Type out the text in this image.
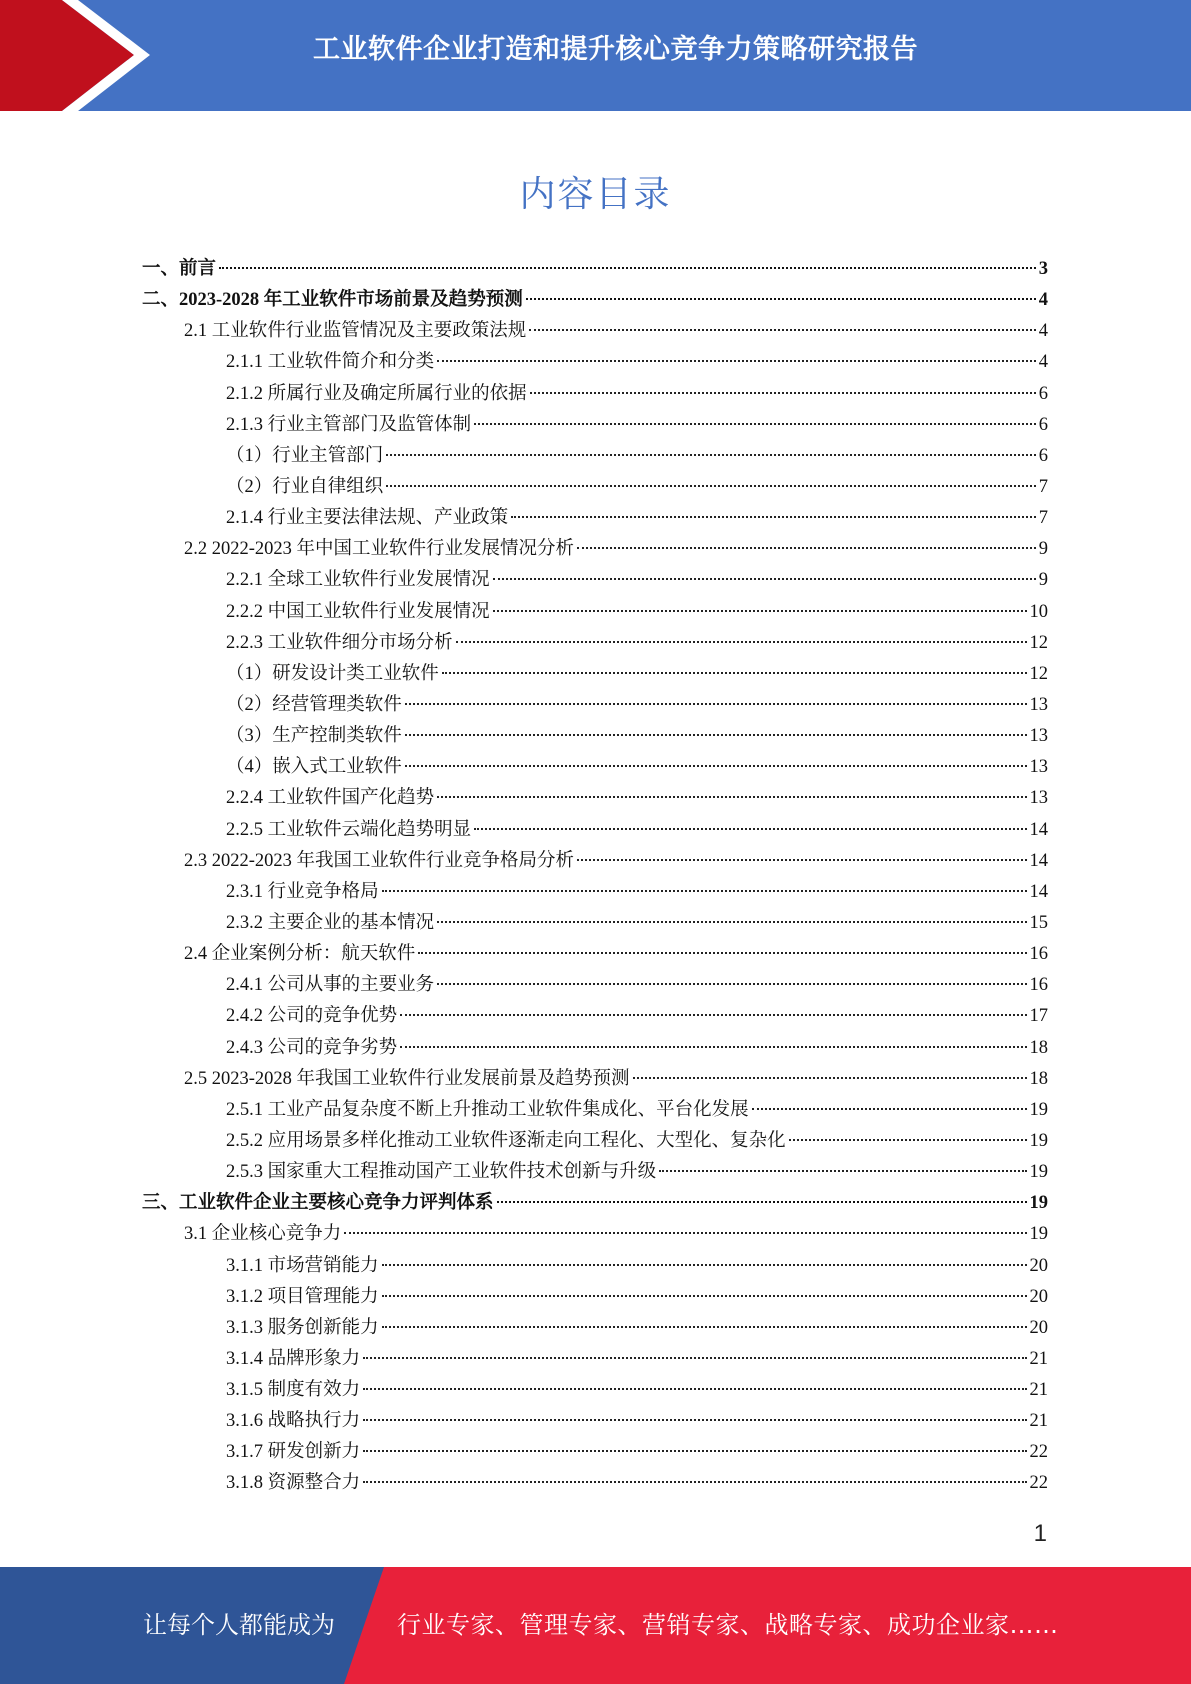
工业软件企业打造和提升核心竞争力策略研究报告
内容目录
一、前言	3
二、2023-2028 年工业软件市场前景及趋势预测	4
2.1 工业软件行业监管情况及主要政策法规	4
2.1.1 工业软件简介和分类	4
2.1.2 所属行业及确定所属行业的依据	6
2.1.3 行业主管部门及监管体制	6
（1）行业主管部门	6
（2）行业自律组织	7
2.1.4 行业主要法律法规、产业政策	7
2.2 2022-2023 年中国工业软件行业发展情况分析	9
2.2.1 全球工业软件行业发展情况	9
2.2.2 中国工业软件行业发展情况	10
2.2.3 工业软件细分市场分析	12
（1）研发设计类工业软件	12
（2）经营管理类软件	13
（3）生产控制类软件	13
（4）嵌入式工业软件	13
2.2.4 工业软件国产化趋势	13
2.2.5 工业软件云端化趋势明显	14
2.3 2022-2023 年我国工业软件行业竞争格局分析	14
2.3.1 行业竞争格局	14
2.3.2 主要企业的基本情况	15
2.4 企业案例分析：航天软件	16
2.4.1 公司从事的主要业务	16
2.4.2 公司的竞争优势	17
2.4.3 公司的竞争劣势	18
2.5 2023-2028 年我国工业软件行业发展前景及趋势预测	18
2.5.1 工业产品复杂度不断上升推动工业软件集成化、平台化发展	19
2.5.2 应用场景多样化推动工业软件逐渐走向工程化、大型化、复杂化	19
2.5.3 国家重大工程推动国产工业软件技术创新与升级	19
三、工业软件企业主要核心竞争力评判体系	19
3.1 企业核心竞争力	19
3.1.1 市场营销能力	20
3.1.2 项目管理能力	20
3.1.3 服务创新能力	20
3.1.4 品牌形象力	21
3.1.5 制度有效力	21
3.1.6 战略执行力	21
3.1.7 研发创新力	22
3.1.8 资源整合力	22
1
让每个人都能成为	行业专家、管理专家、营销专家、战略专家、成功企业家……
